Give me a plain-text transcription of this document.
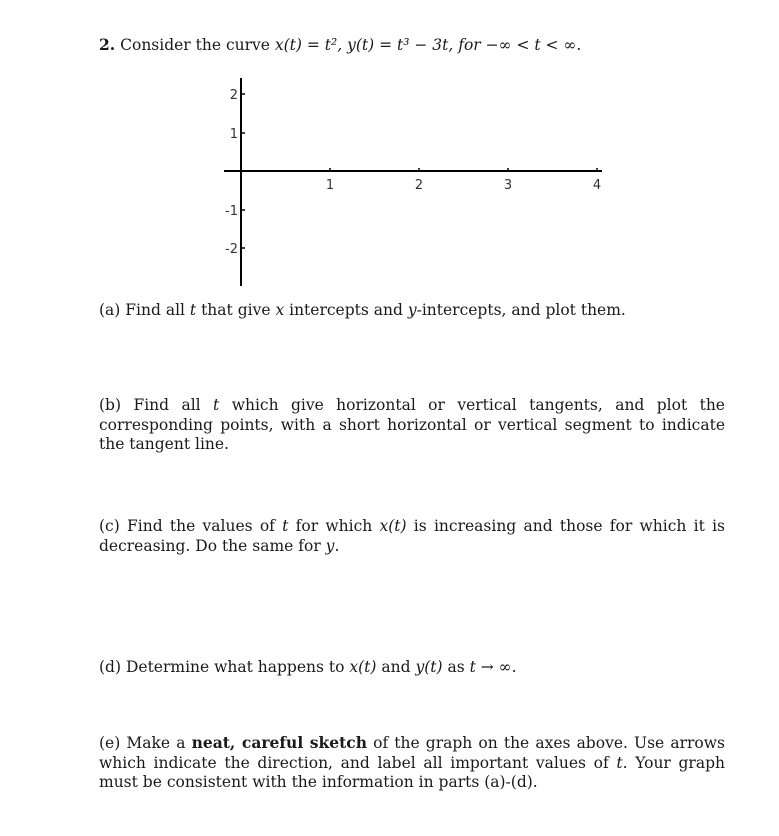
2. Consider the curve x(t) = t², y(t) = t³ − 3t, for −∞ < t < ∞.

1	2	3	4
2
1
-1
-2

(a) Find all t that give x intercepts and y-intercepts, and plot them.

(b) Find all t which give horizontal or vertical tangents, and plot the corresponding points, with a short horizontal or vertical segment to indicate the tangent line.

(c) Find the values of t for which x(t) is increasing and those for which it is decreasing. Do the same for y.

(d) Determine what happens to x(t) and y(t) as t → ∞.

(e) Make a neat, careful sketch of the graph on the axes above. Use arrows which indicate the direction, and label all important values of t. Your graph must be consistent with the information in parts (a)-(d).
